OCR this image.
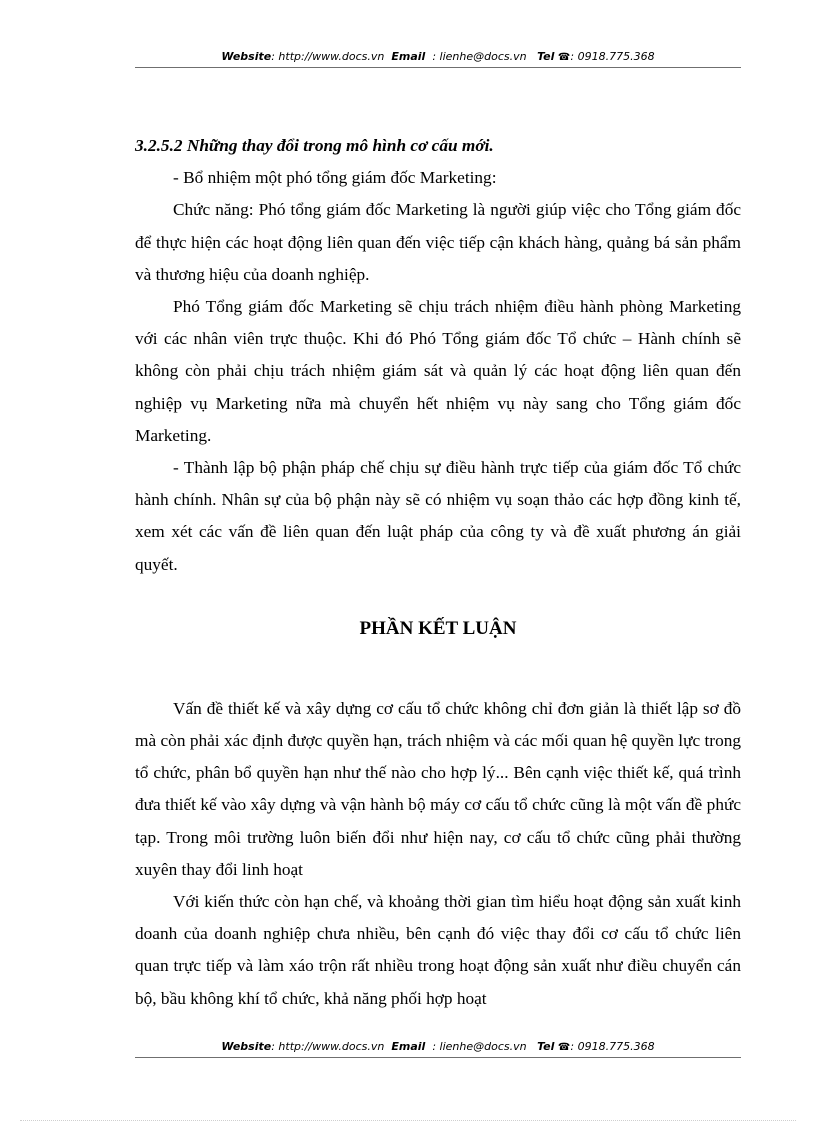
Website: http://www.docs.vn Email : lienhe@docs.vn Tel ☎: 0918.775.368

3.2.5.2 Những thay đổi trong mô hình cơ cấu mới.

- Bổ nhiệm một phó tổng giám đốc Marketing:

Chức năng: Phó tổng giám đốc Marketing là người giúp việc cho Tổng giám đốc để thực hiện các hoạt động liên quan đến việc tiếp cận khách hàng, quảng bá sản phẩm và thương hiệu của doanh nghiệp.

Phó Tổng giám đốc Marketing sẽ chịu trách nhiệm điều hành phòng Marketing với các nhân viên trực thuộc. Khi đó Phó Tổng giám đốc Tổ chức – Hành chính sẽ không còn phải chịu trách nhiệm giám sát và quản lý các hoạt động liên quan đến nghiệp vụ Marketing nữa mà chuyển hết nhiệm vụ này sang cho Tổng giám đốc Marketing.

- Thành lập bộ phận pháp chế chịu sự điều hành trực tiếp của giám đốc Tổ chức hành chính. Nhân sự của bộ phận này sẽ có nhiệm vụ soạn thảo các hợp đồng kinh tế, xem xét các vấn đề liên quan đến luật pháp của công ty và đề xuất phương án giải quyết.

PHẦN KẾT LUẬN

Vấn đề thiết kế và xây dựng cơ cấu tổ chức không chỉ đơn giản là thiết lập sơ đồ mà còn phải xác định được quyền hạn, trách nhiệm và các mối quan hệ quyền lực trong tổ chức, phân bổ quyền hạn như thế nào cho hợp lý... Bên cạnh việc thiết kế, quá trình đưa thiết kế vào xây dựng và vận hành bộ máy cơ cấu tổ chức cũng là một vấn đề phức tạp. Trong môi trường luôn biến đổi như hiện nay, cơ cấu tổ chức cũng phải thường xuyên thay đổi linh hoạt

Với kiến thức còn hạn chế, và khoảng thời gian tìm hiểu hoạt động sản xuất kinh doanh của doanh nghiệp chưa nhiều, bên cạnh đó việc thay đổi cơ cấu tổ chức liên quan trực tiếp và làm xáo trộn rất nhiều trong hoạt động sản xuất như điều chuyển cán bộ, bầu không khí tổ chức, khả năng phối hợp hoạt

Website: http://www.docs.vn Email : lienhe@docs.vn Tel ☎: 0918.775.368
